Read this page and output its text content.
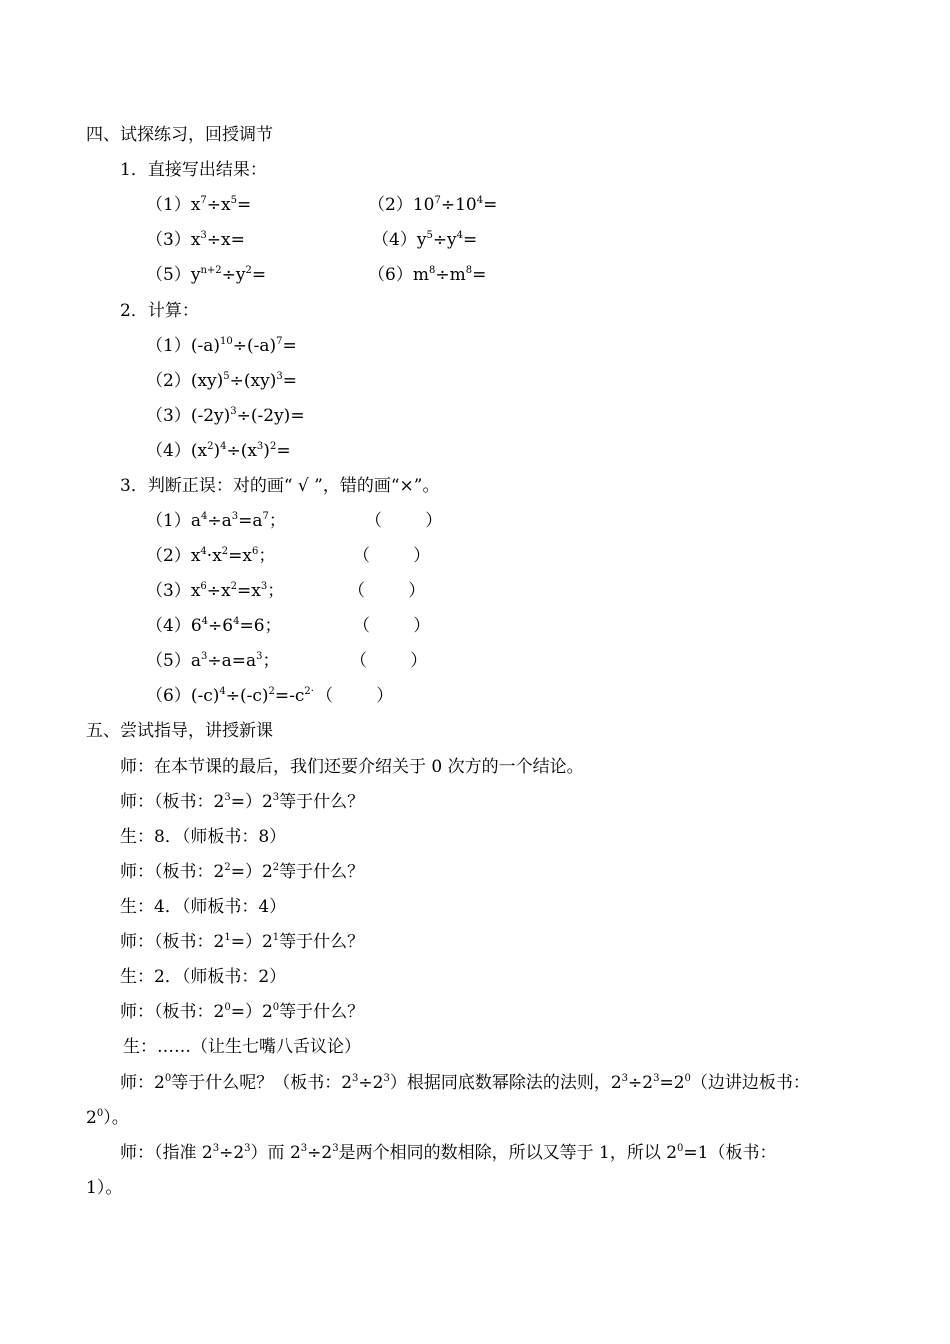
四、试探练习，回授调节
1．直接写出结果：
$(1)x^7\div x^5=$	$(2)10^7\div 10^4=$
$(3)x^3\div x=$	$(4)y^5\div y^4=$
$(5)y^{n+2}\div y^2=$	$(6)m^8\div m^8=$
2．计算：
$(1)(-a)^{10}\div(-a)^7=$
（2）(xy)$^5$÷(xy)$^3$=
$(3)(-2y)^3\div(-2y)=$
$(4)(x^2)^4\div(x^3)^2=$
3．判断正误：对的画“ √ ”，错的画“×”。
$(1)a^4\div a^3=a^7$；	（        ）
$(2)x^4\cdot x^2=x^6$；	（        ）
$(3)x^6\div x^2=x^3$；	（        ）
$(4)6^4\div 6^4=6$；	（        ）
$(5)a^3\div a=a^3$；	（        ）
$(6)(-c)^4\div(-c)^2=-c^{2\cdot}$ （        ）
五、尝试指导，讲授新课
师：在本节课的最后，我们还要介绍关于 0 次方的一个结论。
师：（板书：$2^3=)2^3$等于什么？
生：8．（师板书：8）
师：（板书：$2^2=)2^2$等于什么？
生：4．（师板书：4）
师：（板书：$2^1=)2^1$等于什么？
生：2．（师板书：2）
师：（板书：$2^0=)2^0$等于什么？
生：……（让生七嘴八舌议论）
师：$2^0$等于什么呢？（板书：$2^3\div 2^3$）根据同底数幂除法的法则，$2^3\div 2^3=2^0$（边讲边板书：
$2^0$）。
师：（指准 $2^3\div 2^3$）而 $2^3\div 2^3$是两个相同的数相除，所以又等于 1，所以 $2^0=1$（板书：
1）。
